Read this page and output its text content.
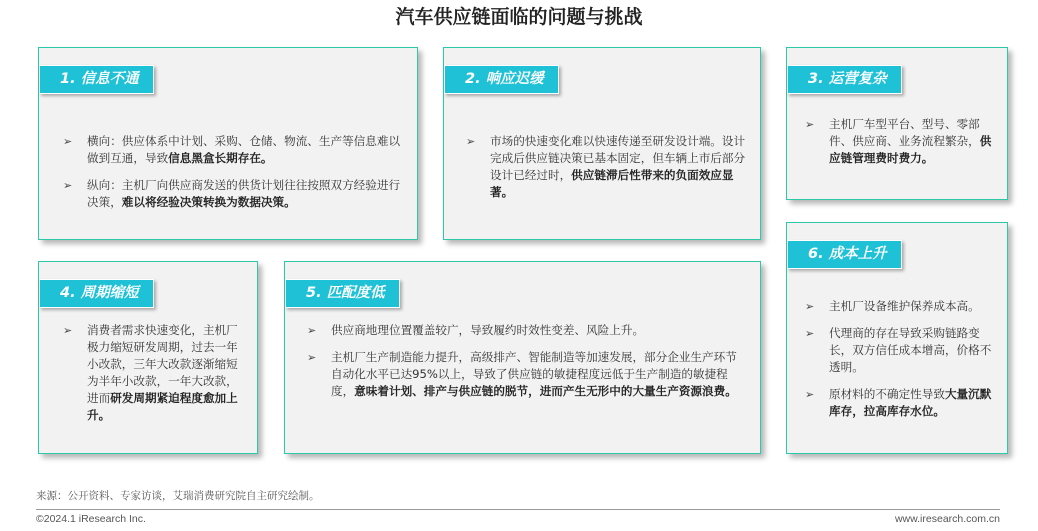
汽车供应链面临的问题与挑战
1. 信息不通
➢ 横向：供应体系中计划、采购、仓储、物流、生产等信息难以做到互通，导致信息黑盒长期存在。
➢ 纵向：主机厂向供应商发送的供货计划往往按照双方经验进行决策，难以将经验决策转换为数据决策。
2. 响应迟缓
➢ 市场的快速变化难以快速传递至研发设计端。设计完成后供应链决策已基本固定，但车辆上市后部分设计已经过时，供应链滞后性带来的负面效应显著。
3. 运营复杂
➢ 主机厂车型平台、型号、零部件、供应商、业务流程繁杂，供应链管理费时费力。
4. 周期缩短
➢ 消费者需求快速变化，主机厂极力缩短研发周期，过去一年小改款，三年大改款逐渐缩短为半年小改款，一年大改款，进而研发周期紧迫程度愈加上升。
5. 匹配度低
➢ 供应商地理位置覆盖较广，导致履约时效性变差、风险上升。
➢ 主机厂生产制造能力提升，高级排产、智能制造等加速发展，部分企业生产环节自动化水平已达95%以上，导致了供应链的敏捷程度远低于生产制造的敏捷程度，意味着计划、排产与供应链的脱节，进而产生无形中的大量生产资源浪费。
6. 成本上升
➢ 主机厂设备维护保养成本高。
➢ 代理商的存在导致采购链路变长，双方信任成本增高，价格不透明。
➢ 原材料的不确定性导致大量沉默库存，拉高库存水位。
来源：公开资料、专家访谈，艾瑞消费研究院自主研究绘制。
©2024.1 iResearch Inc.	www.iresearch.com.cn
